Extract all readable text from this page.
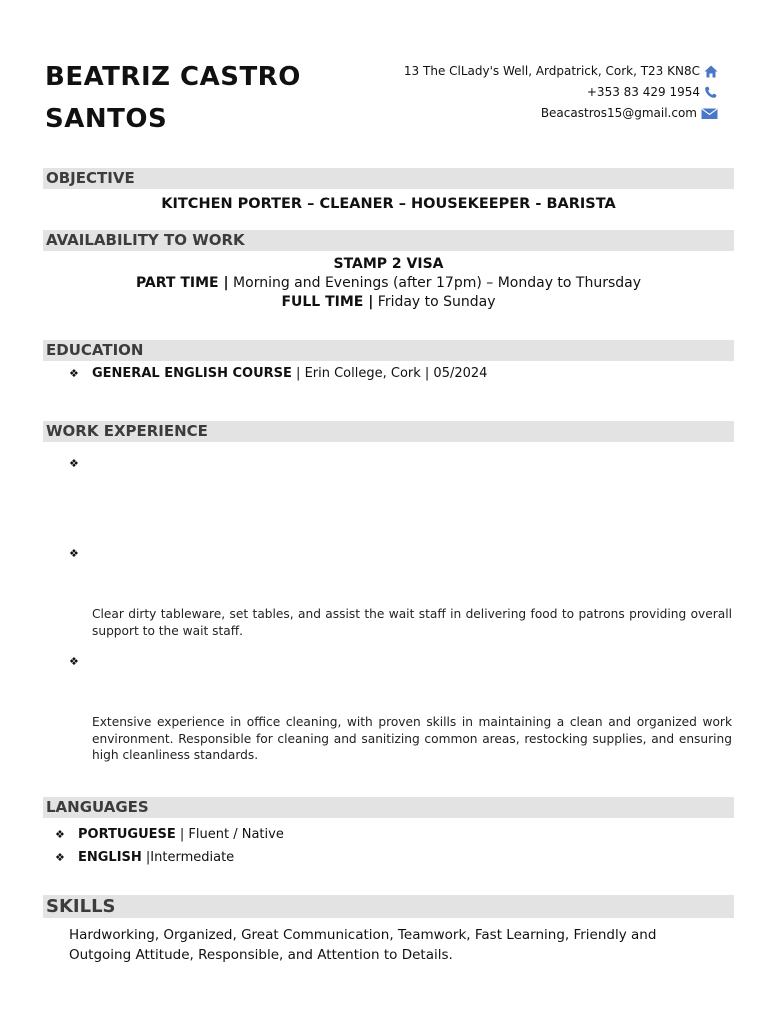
BEATRIZ CASTRO
SANTOS
13 The ClLady's Well, Ardpatrick, Cork, T23 KN8C
+353 83 429 1954
Beacastros15@gmail.com
OBJECTIVE
KITCHEN PORTER – CLEANER – HOUSEKEEPER - BARISTA
AVAILABILITY TO WORK
STAMP 2 VISA
PART TIME | Morning and Evenings (after 17pm) – Monday to Thursday
FULL TIME | Friday to Sunday
EDUCATION
❖ GENERAL ENGLISH COURSE | Erin College, Cork | 05/2024
WORK EXPERIENCE
❖
❖
Clear dirty tableware, set tables, and assist the wait staff in delivering food to patrons providing overall support to the wait staff.
❖
Extensive experience in office cleaning, with proven skills in maintaining a clean and organized work environment. Responsible for cleaning and sanitizing common areas, restocking supplies, and ensuring high cleanliness standards.
LANGUAGES
❖ PORTUGUESE | Fluent / Native
❖ ENGLISH |Intermediate
SKILLS
Hardworking, Organized, Great Communication, Teamwork, Fast Learning, Friendly and Outgoing Attitude, Responsible, and Attention to Details.
